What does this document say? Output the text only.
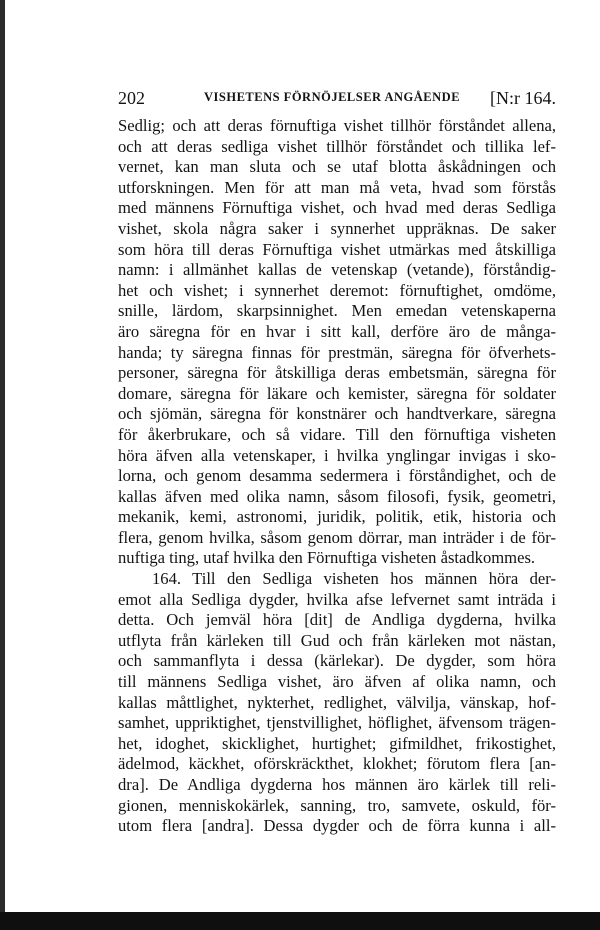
202	VISHETENS FÖRNÖJELSER ANGÅENDE [N:r 164.
Sedlig; och att deras förnuftiga vishet tillhör förståndet allena,
och att deras sedliga vishet tillhör förståndet och tillika lef-
vernet, kan man sluta och se utaf blotta åskådningen och
utforskningen. Men för att man må veta, hvad som förstås
med männens Förnuftiga vishet, och hvad med deras Sedliga
vishet, skola några saker i synnerhet uppräknas. De saker
som höra till deras Förnuftiga vishet utmärkas med åtskilliga
namn: i allmänhet kallas de vetenskap (vetande), förståndig-
het och vishet; i synnerhet deremot: förnuftighet, omdöme,
snille, lärdom, skarpsinnighet. Men emedan vetenskaperna
äro säregna för en hvar i sitt kall, derföre äro de många-
handa; ty säregna finnas för prestmän, säregna för öfverhets-
personer, säregna för åtskilliga deras embetsmän, säregna för
domare, säregna för läkare och kemister, säregna för soldater
och sjömän, säregna för konstnärer och handtverkare, säregna
för åkerbrukare, och så vidare. Till den förnuftiga visheten
höra äfven alla vetenskaper, i hvilka ynglingar invigas i sko-
lorna, och genom desamma sedermera i förståndighet, och de
kallas äfven med olika namn, såsom filosofi, fysik, geometri,
mekanik, kemi, astronomi, juridik, politik, etik, historia och
flera, genom hvilka, såsom genom dörrar, man inträder i de för-
nuftiga ting, utaf hvilka den Förnuftiga visheten åstadkommes.
164. Till den Sedliga visheten hos männen höra der-
emot alla Sedliga dygder, hvilka afse lefvernet samt inträda i
detta. Och jemväl höra [dit] de Andliga dygderna, hvilka
utflyta från kärleken till Gud och från kärleken mot nästan,
och sammanflyta i dessa (kärlekar). De dygder, som höra
till männens Sedliga vishet, äro äfven af olika namn, och
kallas måttlighet, nykterhet, redlighet, välvilja, vänskap, hof-
samhet, uppriktighet, tjenstvillighet, höflighet, äfvensom trägen-
het, idoghet, skicklighet, hurtighet; gifmildhet, frikostighet,
ädelmod, käckhet, oförskräckthet, klokhet; förutom flera [an-
dra]. De Andliga dygderna hos männen äro kärlek till reli-
gionen, menniskokärlek, sanning, tro, samvete, oskuld, för-
utom flera [andra]. Dessa dygder och de förra kunna i all-
